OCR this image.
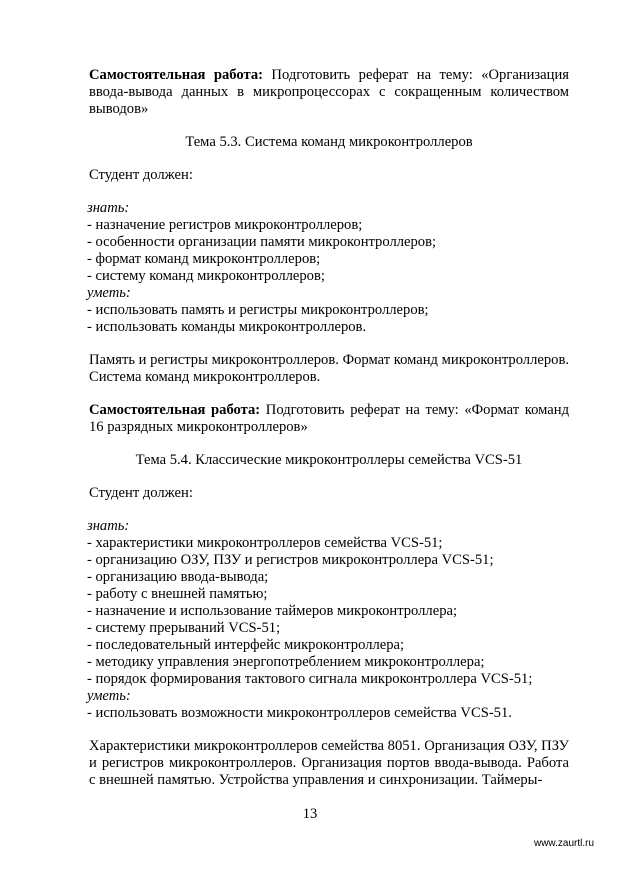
Самостоятельная работа: Подготовить реферат на тему: «Организация ввода-вывода данных в микропроцессорах с сокращенным количеством выводов»

Тема 5.3. Система команд микроконтроллеров

Студент должен:

знать:

- назначение регистров микроконтроллеров;
- особенности организации памяти микроконтроллеров;
- формат команд микроконтроллеров;
- систему команд микроконтроллеров;

уметь:

- использовать память и регистры микроконтроллеров;
- использовать команды микроконтроллеров.

Память и регистры микроконтроллеров. Формат команд микроконтроллеров. Система команд микроконтроллеров.

Самостоятельная работа: Подготовить реферат на тему: «Формат команд 16 разрядных микроконтроллеров»

Тема 5.4. Классические микроконтроллеры семейства VCS-51

Студент должен:

знать:

- характеристики микроконтроллеров семейства VCS-51;
- организацию ОЗУ, ПЗУ и регистров микроконтроллера VCS-51;
- организацию ввода-вывода;
- работу с внешней памятью;
- назначение и использование таймеров микроконтроллера;
- систему прерываний VCS-51;
- последовательный интерфейс микроконтроллера;
- методику управления энергопотреблением микроконтроллера;
- порядок формирования тактового сигнала микроконтроллера VCS-51;

уметь:

- использовать возможности микроконтроллеров семейства VCS-51.

Характеристики микроконтроллеров семейства 8051. Организация ОЗУ, ПЗУ и регистров микроконтроллеров. Организация портов ввода-вывода. Работа с внешней памятью. Устройства управления и синхронизации. Таймеры-

13
www.zaurtl.ru
